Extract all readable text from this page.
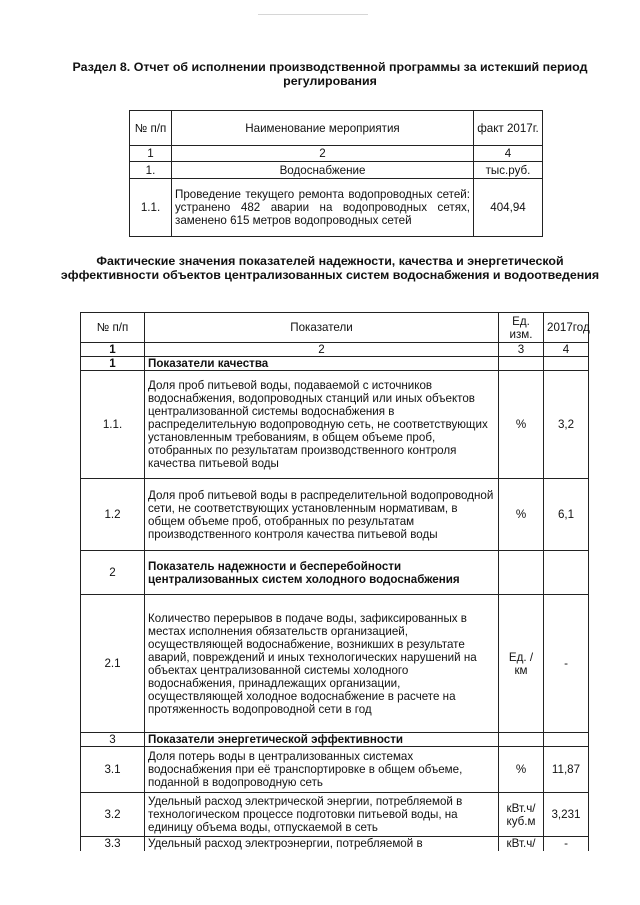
Раздел 8. Отчет об исполнении производственной программы за истекший период регулирования
№ п/п	Наименование мероприятия	факт 2017г.
1	2	4
1.	Водоснабжение	тыс.руб.
1.1.	Проведение текущего ремонта водопроводных сетей: устранено 482 аварии на водопроводных сетях, заменено 615 метров водопроводных сетей	404,94
Фактические значения показателей надежности, качества и энергетической эффективности объектов централизованных систем водоснабжения и водоотведения
№ п/п	Показатели	Ед. изм.	2017год
1	2	3	4
1	Показатели качества		
1.1.	Доля проб питьевой воды, подаваемой с источников водоснабжения, водопроводных станций или иных объектов централизованной системы водоснабжения в распределительную водопроводную сеть, не соответствующих установленным требованиям, в общем объеме проб, отобранных по результатам производственного контроля качества питьевой воды	%	3,2
1.2	Доля проб питьевой воды в распределительной водопроводной сети, не соответствующих установленным нормативам, в общем объеме проб, отобранных по результатам производственного контроля качества питьевой воды	%	6,1
2	Показатель надежности и бесперебойности централизованных систем холодного водоснабжения		
2.1	Количество перерывов в подаче воды, зафиксированных в местах исполнения обязательств организацией, осуществляющей водоснабжение, возникших в результате аварий, повреждений и иных технологических нарушений на объектах централизованной системы холодного водоснабжения, принадлежащих организации, осуществляющей холодное водоснабжение в расчете на протяженность водопроводной сети в год	Ед. / км	-
3	Показатели энергетической эффективности		
3.1	Доля потерь воды в централизованных системах водоснабжения при её транспортировке в общем объеме, поданной в водопроводную сеть	%	11,87
3.2	Удельный расход электрической энергии, потребляемой в технологическом процессе подготовки питьевой воды, на единицу объема воды, отпускаемой в сеть	кВт.ч/ куб.м	3,231
3.3	Удельный расход электроэнергии, потребляемой в	кВт.ч/	-
